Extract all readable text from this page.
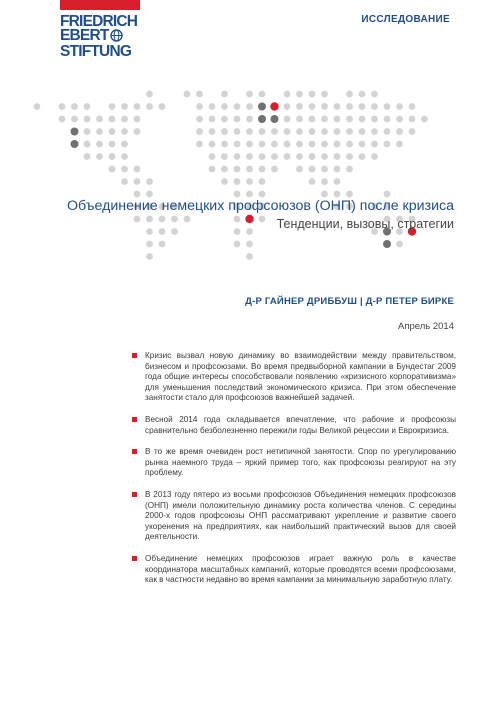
FRIEDRICH
EBERT
STIFTUNG
ИССЛЕДОВАНИЕ
Объединение немецких профсоюзов (ОНП) после кризиса
Тенденции, вызовы, стратегии
Д-Р ГАЙНЕР ДРИББУШ | Д-Р ПЕТЕР БИРКЕ
Апрель 2014
Кризис вызвал новую динамику во взаимодействии между правительством, бизнесом и профсоюзами. Во время предвыборной кампании в Бундестаг 2009 года общие интересы способствовали появлению «кризисного корпоративизма» для уменьшения последствий экономического кризиса. При этом обеспечение занятости стало для профсоюзов важнейшей задачей.
Весной 2014 года складывается впечатление, что рабочие и профсоюзы сравнительно безболезненно пережили годы Великой рецессии и Еврокризиса.
В то же время очевиден рост нетипичной занятости. Спор по урегулированию рынка наемного труда – яркий пример того, как профсоюзы реагируют на эту проблему.
В 2013 году пятеро из восьми профсоюзов Объединения немецких профсоюзов (ОНП) имели положительную динамику роста количества членов. С середины 2000-х годов профсоюзы ОНП рассматривают укрепление и развитие своего укоренения на предприятиях, как наибольший практический вызов для своей деятельности.
Объединение немецких профсоюзов играет важную роль в качестве координатора масштабных кампаний, которые проводятся всеми профсоюзами, как в частности недавно во время кампании за минимальную заработную плату.
